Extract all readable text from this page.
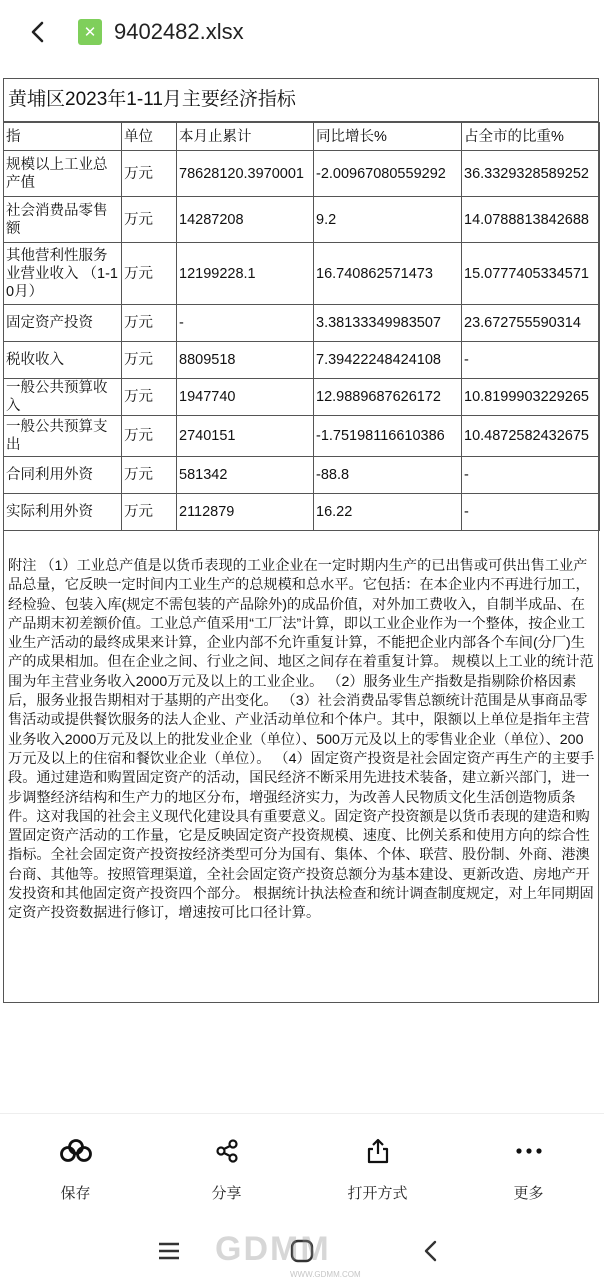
✕ 9402482.xlsx
黄埔区2023年1-11月主要经济指标
指	单位	本月止累计	同比增长%	占全市的比重%
规模以上工业总产值	万元	78628120.3970001	-2.00967080559292	36.3329328589252
社会消费品零售额	万元	14287208	9.2	14.0788813842688
其他营利性服务业营业收入 （1-10月）	万元	12199228.1	16.740862571473	15.0777405334571
固定资产投资	万元	-	3.38133349983507	23.672755590314
税收收入	万元	8809518	7.39422248424108	-
一般公共预算收入	万元	1947740	12.9889687626172	10.8199903229265
一般公共预算支出	万元	2740151	-1.75198116610386	10.4872582432675
合同利用外资	万元	581342	-88.8	-
实际利用外资	万元	2112879	16.22	-
附注 （1）工业总产值是以货币表现的工业企业在一定时期内生产的已出售或可供出售工业产品总量，它反映一定时间内工业生产的总规模和总水平。它包括：在本企业内不再进行加工，经检验、包装入库(规定不需包装的产品除外)的成品价值，对外加工费收入，自制半成品、在产品期末初差额价值。工业总产值采用“工厂法”计算，即以工业企业作为一个整体，按企业工业生产活动的最终成果来计算，企业内部不允许重复计算，不能把企业内部各个车间(分厂)生产的成果相加。但在企业之间、行业之间、地区之间存在着重复计算。 规模以上工业的统计范围为年主营业务收入2000万元及以上的工业企业。 （2）服务业生产指数是指剔除价格因素后，服务业报告期相对于基期的产出变化。 （3）社会消费品零售总额统计范围是从事商品零售活动或提供餐饮服务的法人企业、产业活动单位和个体户。其中，限额以上单位是指年主营业务收入2000万元及以上的批发业企业（单位）、500万元及以上的零售业企业（单位）、200万元及以上的住宿和餐饮业企业（单位）。 （4）固定资产投资是社会固定资产再生产的主要手段。通过建造和购置固定资产的活动，国民经济不断采用先进技术装备，建立新兴部门，进一步调整经济结构和生产力的地区分布，增强经济实力，为改善人民物质文化生活创造物质条件。这对我国的社会主义现代化建设具有重要意义。固定资产投资额是以货币表现的建造和购置固定资产活动的工作量，它是反映固定资产投资规模、速度、比例关系和使用方向的综合性指标。全社会固定资产投资按经济类型可分为国有、集体、个体、联营、股份制、外商、港澳台商、其他等。按照管理渠道，全社会固定资产投资总额分为基本建设、更新改造、房地产开发投资和其他固定资产投资四个部分。 根据统计执法检查和统计调查制度规定，对上年同期固定资产投资数据进行修订，增速按可比口径计算。
保存	分享	打开方式	更多
GDMM
WWW.GDMM.COM
